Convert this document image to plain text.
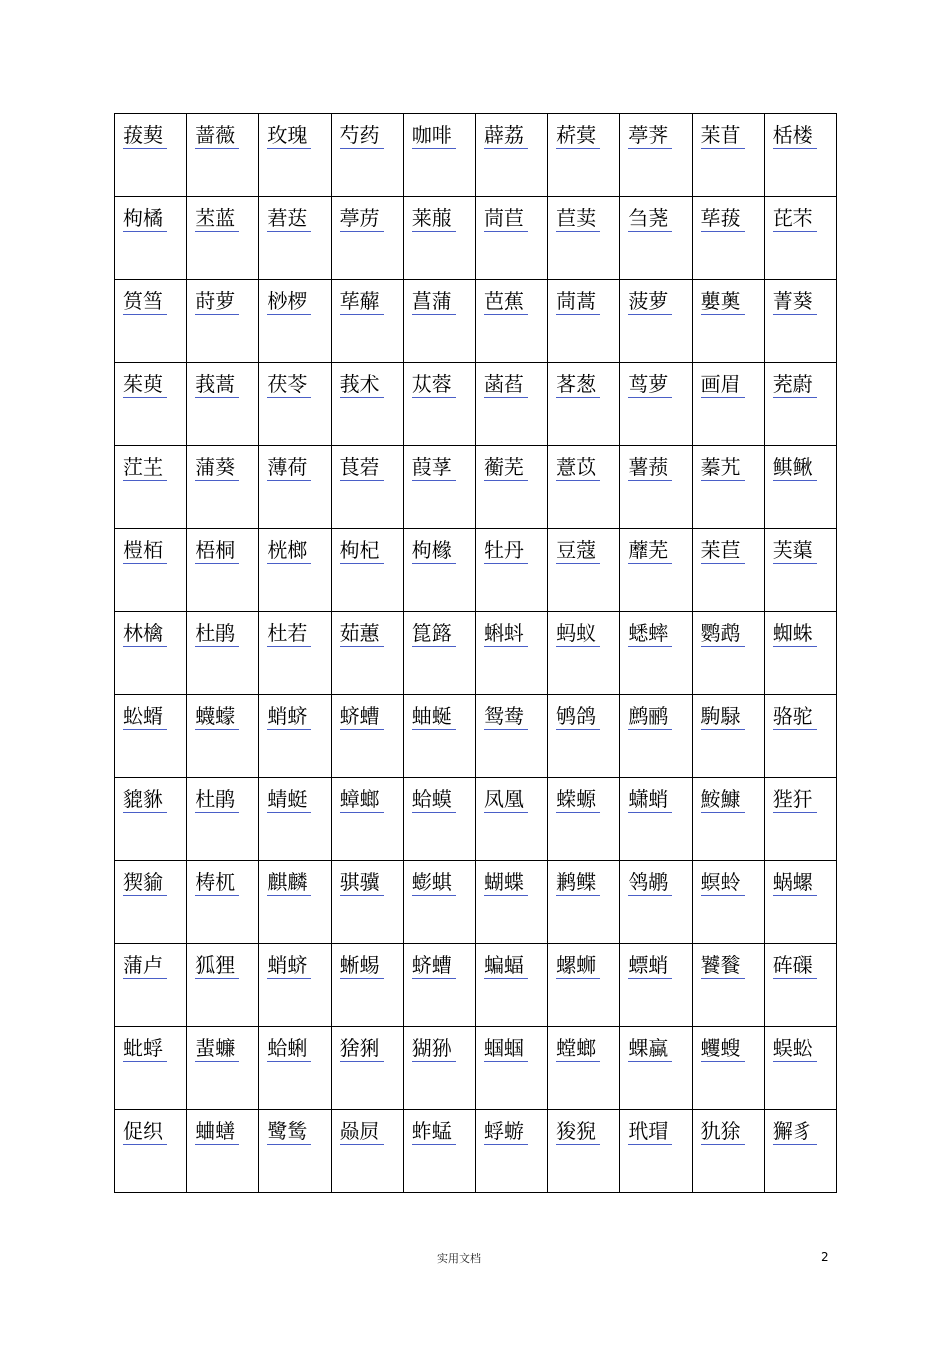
菝葜	蔷薇	玫瑰	芍药	咖啡	薜荔	菥蓂	葶荠	苿苜	栝楼
枸橘	苤蓝	莙荙	葶苈	莱菔	茼苣	苣荬	刍荛	荜菝	芘芣
筼筜	莳萝	桫椤	荜薢	菖蒲	芭蕉	茼蒿	菠萝	蘡薁	菁葵
茱萸	莪蒿	茯苓	莪术	苁蓉	菡萏	茖葱	茑萝	画眉	茺蔚
茳芏	蒲葵	薄荷	茛菪	葭莩	蘅芜	薏苡	薯蓣	蓁艽	鲯鳅
榿栢	梧桐	桄榔	枸杞	枸橼	牡丹	豆蔻	蘼芜	苿苣	芙蕖
林檎	杜鹃	杜若	茹蕙	箟簬	蝌蚪	蚂蚁	蟋蟀	鹦鹉	蜘蛛
蚣蝑	蠛蠓	蛸蛴	蛴螬	蚰蜒	鸳鸯	鸲鸽	鹧鹂	駒騄	骆驼
貔貅	杜鹃	蜻蜓	蟑螂	蛤蟆	凤凰	蝾螈	蟏蛸	鮟鱇	狴犴
猰貐	梼杌	麒麟	骐骥	蟛蜞	蝴蝶	鹣鲽	鸰鹕	螟蛉	蜗螺
蒲卢	狐狸	蛸蛴	蜥蜴	蛴螬	蝙蝠	螺蛳	螵蛸	饕餮	砗磲
蚍蜉	蜚蠊	蛤蜊	猞猁	猢狲	蝈蝈	螳螂	蜾蠃	蠼螋	蜈蚣
促织	蛐蟮	鹭鸶	赑屃	蚱蜢	蜉蝣	狻猊	玳瑁	犰狳	獬豸
实用文档	2
